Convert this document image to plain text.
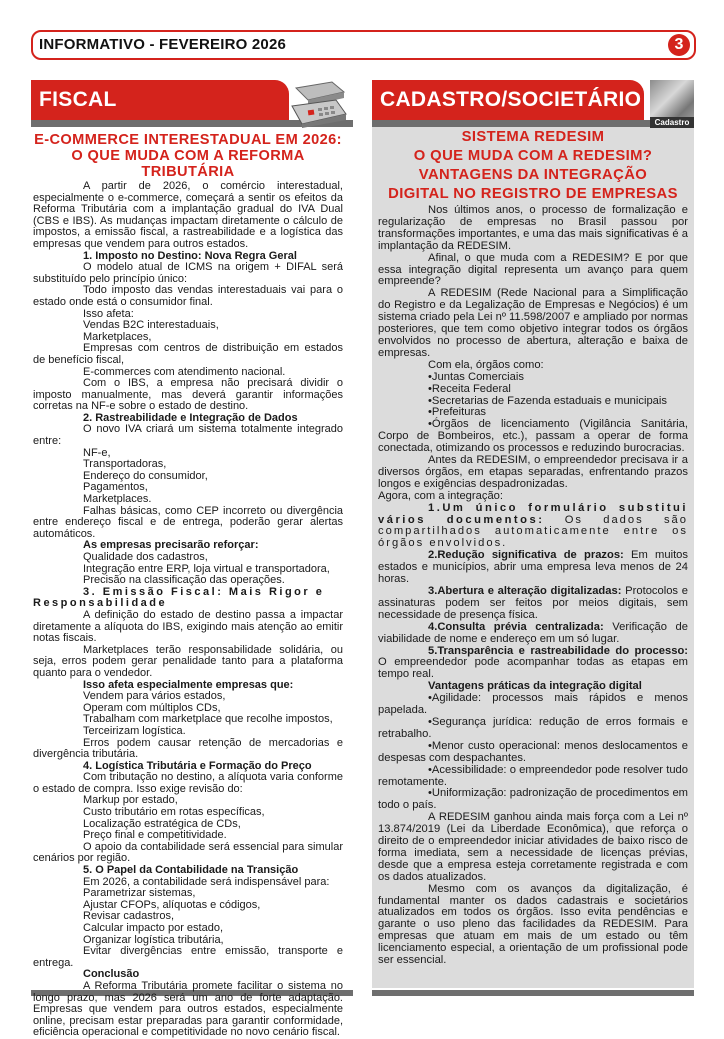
INFORMATIVO - FEVEREIRO 2026	3
FISCAL	CADASTRO/SOCIETÁRIO
Cadastro
E-COMMERCE INTERESTADUAL EM 2026: O QUE MUDA COM A REFORMA TRIBUTÁRIA

A partir de 2026, o comércio interestadual, especialmente o e-commerce, começará a sentir os efeitos da Reforma Tributária com a implantação gradual do IVA Dual (CBS e IBS). As mudanças impactam diretamente o cálculo de impostos, a emissão fiscal, a rastreabilidade e a logística das empresas que vendem para outros estados.

1. Imposto no Destino: Nova Regra Geral

O modelo atual de ICMS na origem + DIFAL será substituído pelo princípio único:

Todo imposto das vendas interestaduais vai para o estado onde está o consumidor final.

Isso afeta:

Vendas B2C interestaduais,

Marketplaces,

Empresas com centros de distribuição em estados de benefício fiscal,

E-commerces com atendimento nacional.

Com o IBS, a empresa não precisará dividir o imposto manualmente, mas deverá garantir informações corretas na NF-e sobre o estado de destino.

2. Rastreabilidade e Integração de Dados

O novo IVA criará um sistema totalmente integrado entre:

NF-e,

Transportadoras,

Endereço do consumidor,

Pagamentos,

Marketplaces.

Falhas básicas, como CEP incorreto ou divergência entre endereço fiscal e de entrega, poderão gerar alertas automáticos.

As empresas precisarão reforçar:

Qualidade dos cadastros,

Integração entre ERP, loja virtual e transportadora,

Precisão na classificação das operações.

3. Emissão Fiscal: Mais Rigor e Responsabilidade

A definição do estado de destino passa a impactar diretamente a alíquota do IBS, exigindo mais atenção ao emitir notas fiscais.

Marketplaces terão responsabilidade solidária, ou seja, erros podem gerar penalidade tanto para a plataforma quanto para o vendedor.

Isso afeta especialmente empresas que:

Vendem para vários estados,

Operam com múltiplos CDs,

Trabalham com marketplace que recolhe impostos,

Terceirizam logística.

Erros podem causar retenção de mercadorias e divergência tributária.

4. Logística Tributária e Formação do Preço

Com tributação no destino, a alíquota varia conforme o estado de compra. Isso exige revisão do:

Markup por estado,

Custo tributário em rotas específicas,

Localização estratégica de CDs,

Preço final e competitividade.

O apoio da contabilidade será essencial para simular cenários por região.

5. O Papel da Contabilidade na Transição

Em 2026, a contabilidade será indispensável para:

Parametrizar sistemas,

Ajustar CFOPs, alíquotas e códigos,

Revisar cadastros,

Calcular impacto por estado,

Organizar logística tributária,

Evitar divergências entre emissão, transporte e entrega.

Conclusão

A Reforma Tributária promete facilitar o sistema no longo prazo, mas 2026 será um ano de forte adaptação. Empresas que vendem para outros estados, especialmente online, precisam estar preparadas para garantir conformidade, eficiência operacional e competitividade no novo cenário fiscal.

SISTEMA REDESIM
O QUE MUDA COM A REDESIM?
VANTAGENS DA INTEGRAÇÃO
DIGITAL NO REGISTRO DE EMPRESAS

Nos últimos anos, o processo de formalização e regularização de empresas no Brasil passou por transformações importantes, e uma das mais significativas é a implantação da REDESIM.

Afinal, o que muda com a REDESIM? E por que essa integração digital representa um avanço para quem empreende?

A REDESIM (Rede Nacional para a Simplificação do Registro e da Legalização de Empresas e Negócios) é um sistema criado pela Lei nº 11.598/2007 e ampliado por normas posteriores, que tem como objetivo integrar todos os órgãos envolvidos no processo de abertura, alteração e baixa de empresas.

Com ela, órgãos como:

•Juntas Comerciais

•Receita Federal

•Secretarias de Fazenda estaduais e municipais

•Prefeituras

•Órgãos de licenciamento (Vigilância Sanitária, Corpo de Bombeiros, etc.), passam a operar de forma conectada, otimizando os processos e reduzindo burocracias.

Antes da REDESIM, o empreendedor precisava ir a diversos órgãos, em etapas separadas, enfrentando prazos longos e exigências despadronizadas.

Agora, com a integração:

1.Um único formulário substitui vários documentos: Os dados são compartilhados automaticamente entre os órgãos envolvidos.

2.Redução significativa de prazos: Em muitos estados e municípios, abrir uma empresa leva menos de 24 horas.

3.Abertura e alteração digitalizadas: Protocolos e assinaturas podem ser feitos por meios digitais, sem necessidade de presença física.

4.Consulta prévia centralizada: Verificação de viabilidade de nome e endereço em um só lugar.

5.Transparência e rastreabilidade do processo: O empreendedor pode acompanhar todas as etapas em tempo real.

Vantagens práticas da integração digital

•Agilidade: processos mais rápidos e menos papelada.

•Segurança jurídica: redução de erros formais e retrabalho.

•Menor custo operacional: menos deslocamentos e despesas com despachantes.

•Acessibilidade: o empreendedor pode resolver tudo remotamente.

•Uniformização: padronização de procedimentos em todo o país.

A REDESIM ganhou ainda mais força com a Lei nº 13.874/2019 (Lei da Liberdade Econômica), que reforça o direito de o empreendedor iniciar atividades de baixo risco de forma imediata, sem a necessidade de licenças prévias, desde que a empresa esteja corretamente registrada e com os dados atualizados.

Mesmo com os avanços da digitalização, é fundamental manter os dados cadastrais e societários atualizados em todos os órgãos. Isso evita pendências e garante o uso pleno das facilidades da REDESIM. Para empresas que atuam em mais de um estado ou têm licenciamento especial, a orientação de um profissional pode ser essencial.
